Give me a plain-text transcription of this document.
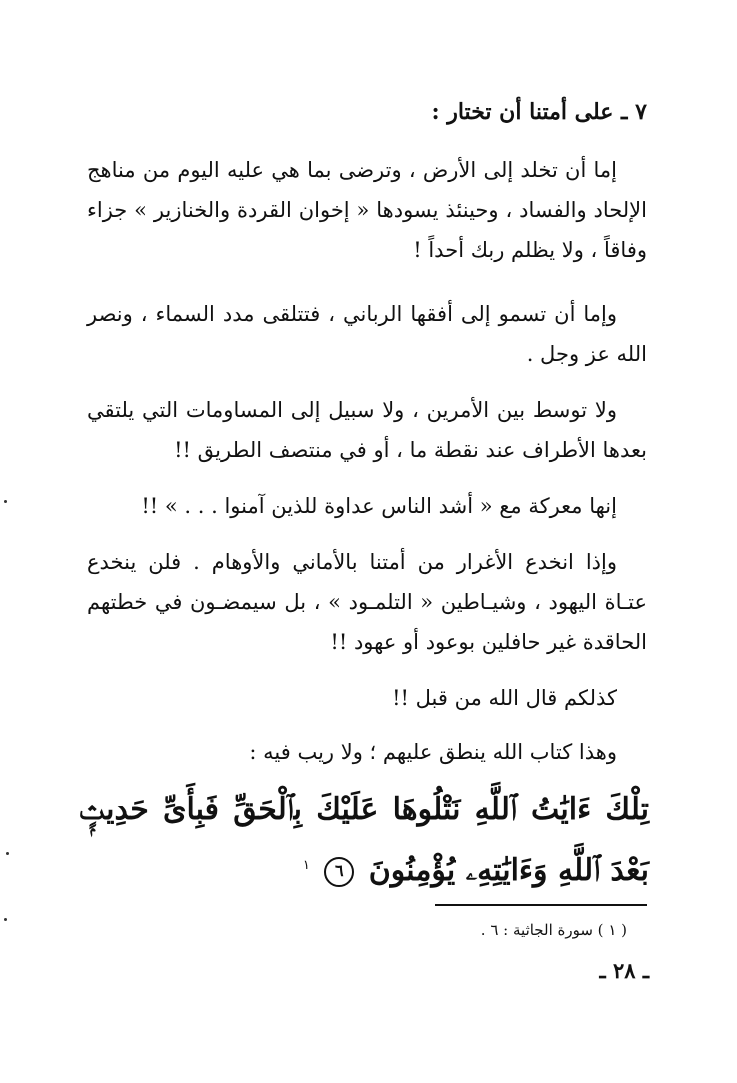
٧ ـ على أمتنا أن تختار :
إما أن تخلد إلى الأرض ، وترضى بما هي عليه اليوم من مناهج الإلحاد والفساد ، وحينئذ يسودها « إخوان القردة والخنازير » جزاء وفاقاً ، ولا يظلم ربك أحداً !
وإما أن تسمو إلى أفقها الرباني ، فتتلقى مدد السماء ، ونصر الله عز وجل .
ولا توسط بين الأمرين ، ولا سبيل إلى المساومات التي يلتقي بعدها الأطراف عند نقطة ما ، أو في منتصف الطريق !!
إنها معركة مع « أشد الناس عداوة للذين آمنوا . . . » !!
وإذا انخدع الأغرار من أمتنا بالأماني والأوهام . فلن ينخدع عتـاة اليهود ، وشيـاطين « التلمـود » ، بل سيمضـون في خطتهم الحاقدة غير حافلين بوعود أو عهود !!
كذلكم قال الله من قبل !!
وهذا كتاب الله ينطق عليهم ؛ ولا ريب فيه :
تِلْكَ ءَايَٰتُ ٱللَّهِ نَتْلُوهَا عَلَيْكَ بِٱلْحَقِّ فَبِأَىِّ حَدِيثٍۭ بَعْدَ ٱللَّهِ وَءَايَٰتِهِۦ يُؤْمِنُونَ ٦ $^١$
( ١ ) سورة الجاثية : ٦ .
ـ ٢٨ ـ
